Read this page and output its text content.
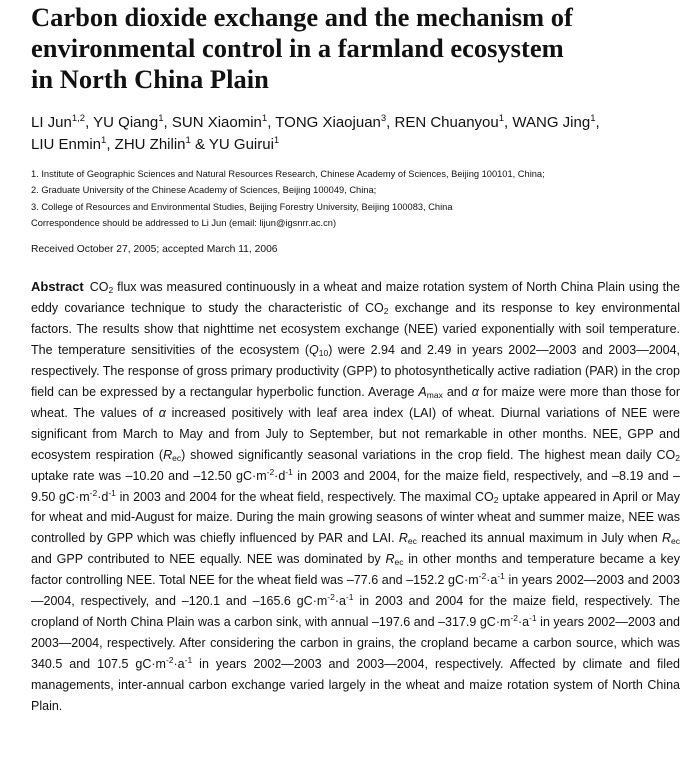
Carbon dioxide exchange and the mechanism of
environmental control in a farmland ecosystem
in North China Plain
LI Jun$^{1,2}$, YU Qiang$^1$, SUN Xiaomin$^1$, TONG Xiaojuan$^3$, REN Chuanyou$^1$, WANG Jing$^1$,
LIU Enmin$^1$, ZHU Zhilin$^1$ & YU Guirui$^1$
1. Institute of Geographic Sciences and Natural Resources Research, Chinese Academy of Sciences, Beijing 100101, China;
2. Graduate University of the Chinese Academy of Sciences, Beijing 100049, China;
3. College of Resources and Environmental Studies, Beijing Forestry University, Beijing 100083, China
Correspondence should be addressed to Li Jun (email: lijun@igsnrr.ac.cn)
Received October 27, 2005; accepted March 11, 2006
Abstract $CO_2$ flux was measured continuously in a wheat and maize rotation system of North China Plain using the eddy covariance technique to study the characteristic of $CO_2$ exchange and its response to key environmental factors. The results show that nighttime net ecosystem exchange (NEE) varied exponentially with soil temperature. The temperature sensitivities of the ecosystem $(Q_{10})$ were 2.94 and 2.49 in years 2002—2003 and 2003—2004, respectively. The response of gross primary productivity (GPP) to photosynthetically active radiation (PAR) in the crop field can be expressed by a rectangular hyperbolic function. Average $A_{max}$ and α for maize were more than those for wheat. The values of α increased positively with leaf area index (LAI) of wheat. Diurnal variations of NEE were significant from March to May and from July to September, but not remarkable in other months. NEE, GPP and ecosystem respiration $(R_{ec})$ showed significantly seasonal variations in the crop field. The highest mean daily $CO_2$ uptake rate was –10.20 and –12.50 $gC\cdot m^{-2}\cdot d^{-1}$ in 2003 and 2004, for the maize field, respectively, and –8.19 and –9.50 $gC\cdot m^{-2}\cdot d^{-1}$ in 2003 and 2004 for the wheat field, respectively. The maximal $CO_2$ uptake appeared in April or May for wheat and mid-August for maize. During the main growing seasons of winter wheat and summer maize, NEE was controlled by GPP which was chiefly influenced by PAR and LAI. $R_{ec}$ reached its annual maximum in July when $R_{ec}$ and GPP contributed to NEE equally. NEE was dominated by $R_{ec}$ in other months and temperature became a key factor controlling NEE. Total NEE for the wheat field was –77.6 and –152.2 $gC\cdot m^{-2}\cdot a^{-1}$ in years 2002—2003 and 2003—2004, respectively, and –120.1 and –165.6 $gC\cdot m^{-2}\cdot a^{-1}$ in 2003 and 2004 for the maize field, respectively. The cropland of North China Plain was a carbon sink, with annual –197.6 and –317.9 $gC\cdot m^{-2}\cdot a^{-1}$ in years 2002—2003 and 2003—2004, respectively. After considering the carbon in grains, the cropland became a carbon source, which was 340.5 and 107.5 $gC\cdot m^{-2}\cdot a^{-1}$ in years 2002—2003 and 2003—2004, respectively. Affected by climate and filed managements, inter-annual carbon exchange varied largely in the wheat and maize rotation system of North China Plain.
